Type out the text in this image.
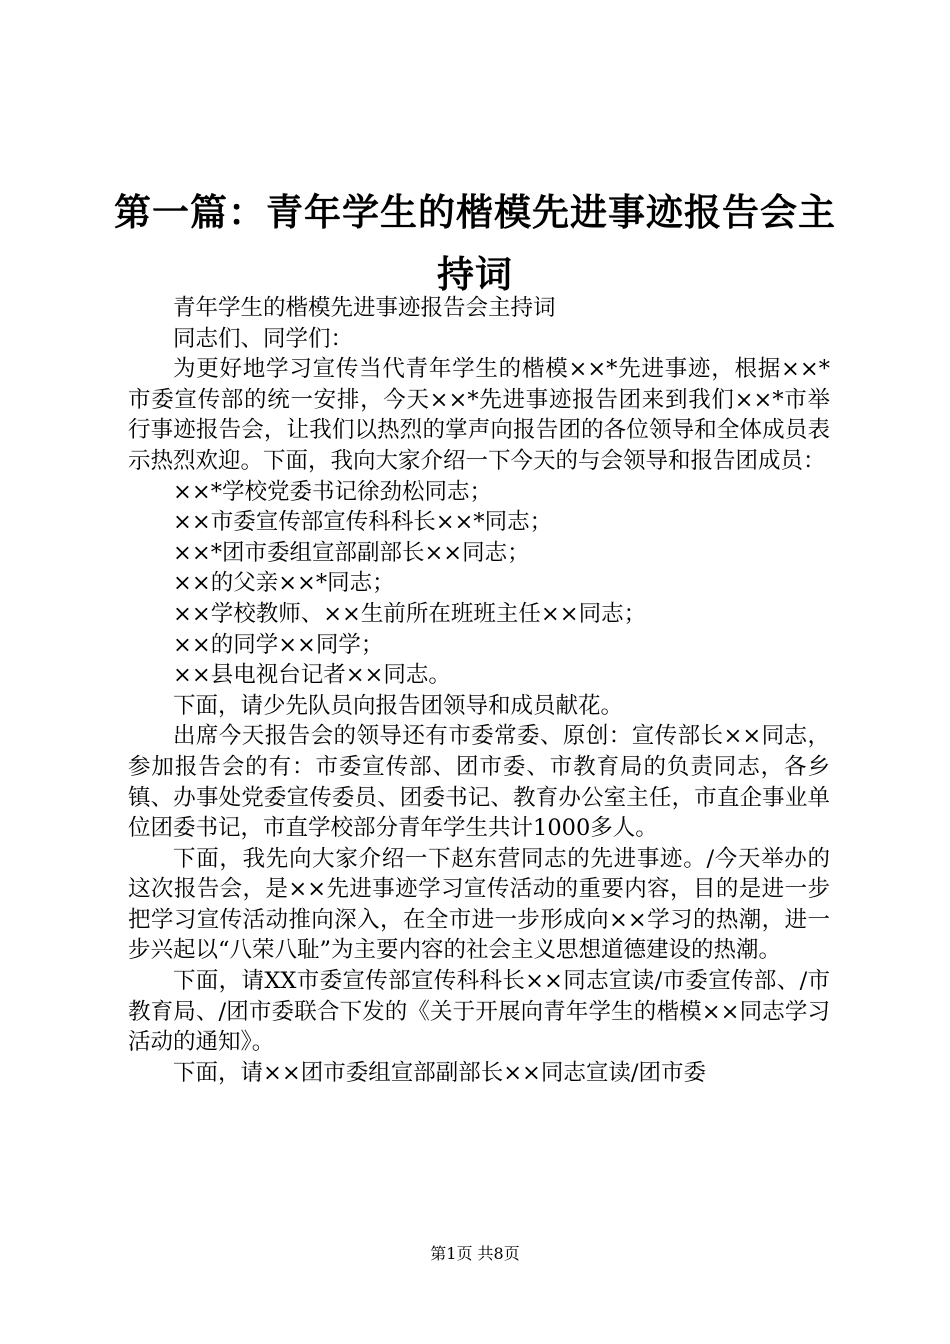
第一篇：青年学生的楷模先进事迹报告会主持词

青年学生的楷模先进事迹报告会主持词

同志们、同学们：

为更好地学习宣传当代青年学生的楷模××*先进事迹，根据××*市委宣传部的统一安排，今天××*先进事迹报告团来到我们××*市举行事迹报告会，让我们以热烈的掌声向报告团的各位领导和全体成员表示热烈欢迎。下面，我向大家介绍一下今天的与会领导和报告团成员：

××*学校党委书记徐劲松同志；

××市委宣传部宣传科科长××*同志；

××*团市委组宣部副部长××同志；

××的父亲××*同志；

××学校教师、××生前所在班班主任××同志；

××的同学××同学；

××县电视台记者××同志。

下面，请少先队员向报告团领导和成员献花。

出席今天报告会的领导还有市委常委、原创：宣传部长××同志，参加报告会的有：市委宣传部、团市委、市教育局的负责同志，各乡镇、办事处党委宣传委员、团委书记、教育办公室主任，市直企事业单位团委书记，市直学校部分青年学生共计1000多人。

下面，我先向大家介绍一下赵东营同志的先进事迹。/今天举办的这次报告会，是××先进事迹学习宣传活动的重要内容，目的是进一步把学习宣传活动推向深入，在全市进一步形成向××学习的热潮，进一步兴起以“八荣八耻”为主要内容的社会主义思想道德建设的热潮。

下面，请XX市委宣传部宣传科科长××同志宣读/市委宣传部、/市教育局、/团市委联合下发的《关于开展向青年学生的楷模××同志学习活动的通知》。

下面，请××团市委组宣部副部长××同志宣读/团市委

第1页 共8页
